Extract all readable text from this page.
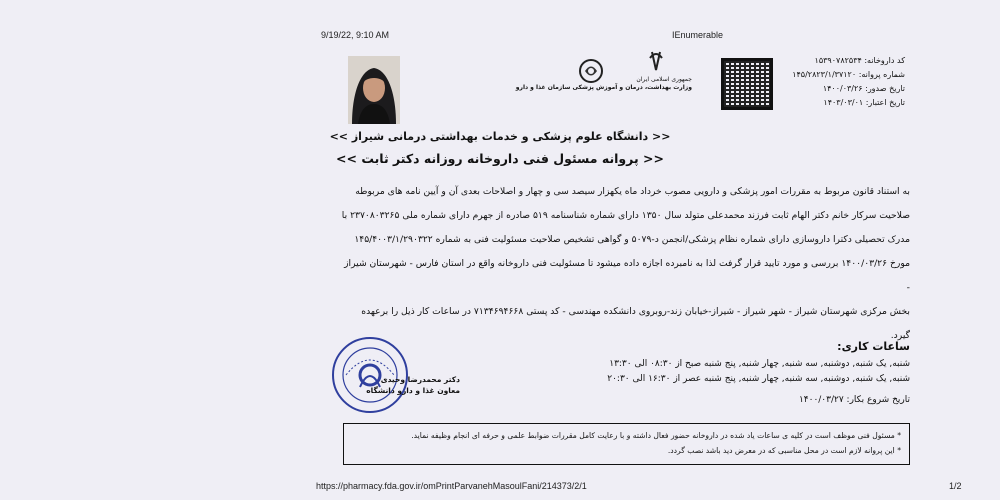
9/19/22, 9:10 AM	IEnumerable
جمهوری اسلامی ایران
وزارت بهداشت، درمان و آموزش پزشکی سازمان غذا و دارو
کد داروخانه: ۱۵۳۹۰۷۸۲۵۳۴
شماره پروانه: ۱۴۵/۲۸۲۳/۱/۳۷۱۲۰
تاریخ صدور: ۱۴۰۰/۰۳/۲۶
تاریخ اعتبار: ۱۴۰۳/۰۳/۰۱
<< دانشگاه علوم پزشکی و خدمات بهداشتی درمانی شیراز >>
<< پروانه مسئول فنی داروخانه روزانه دکتر ثابت >>
به استناد قانون مربوط به مقررات امور پزشکی و دارویی مصوب خرداد ماه یکهزار سیصد سی و چهار و اصلاحات بعدی آن و آیین نامه های مربوطه
صلاحیت سرکار خانم دکتر الهام ثابت فرزند محمدعلی متولد سال ۱۳۵۰ دارای شماره شناسنامه ۵۱۹ صادره از جهرم دارای شماره ملی ۲۳۷۰۸۰۳۲۶۵ با
مدرک تحصیلی دکترا داروسازی دارای شماره نظام پزشکی/انجمن د-۵۰۷۹ و گواهی تشخیص صلاحیت مسئولیت فنی به شماره ۱۴۵/۴۰۰۳/۱/۲۹۰۳۲۲
مورخ ۱۴۰۰/۰۳/۲۶ بررسی و مورد تایید قرار گرفت لذا به نامبرده اجازه داده میشود تا مسئولیت فنی داروخانه واقع در استان فارس - شهرستان شیراز -
بخش مرکزی شهرستان شیراز - شهر شیراز - شیراز-خیابان زند-روبروی دانشکده مهندسی - کد پستی ۷۱۳۴۶۹۴۶۶۸ در ساعات کار ذیل را برعهده
گیرد.
دکتر محمدرضا وحیدی
معاون غذا و دارو دانشگاه
ساعات کاری:
شنبه, یک شنبه, دوشنبه, سه شنبه, چهار شنبه, پنج شنبه صبح از ۰۸:۳۰ الی ۱۳:۳۰
شنبه, یک شنبه, دوشنبه, سه شنبه, چهار شنبه, پنج شنبه عصر از ۱۶:۳۰ الی ۲۰:۳۰
تاریخ شروع بکار: ۱۴۰۰/۰۳/۲۷
* مسئول فنی موظف است در کلیه ی ساعات یاد شده در داروخانه حضور فعال داشته و با رعایت کامل مقررات ضوابط علمی و حرفه ای انجام وظیفه نماید.
* این پروانه لازم است در محل مناسبی که در معرض دید باشد نصب گردد.
https://pharmacy.fda.gov.ir/omPrintParvanehMasoulFani/214373/2/1	1/2
